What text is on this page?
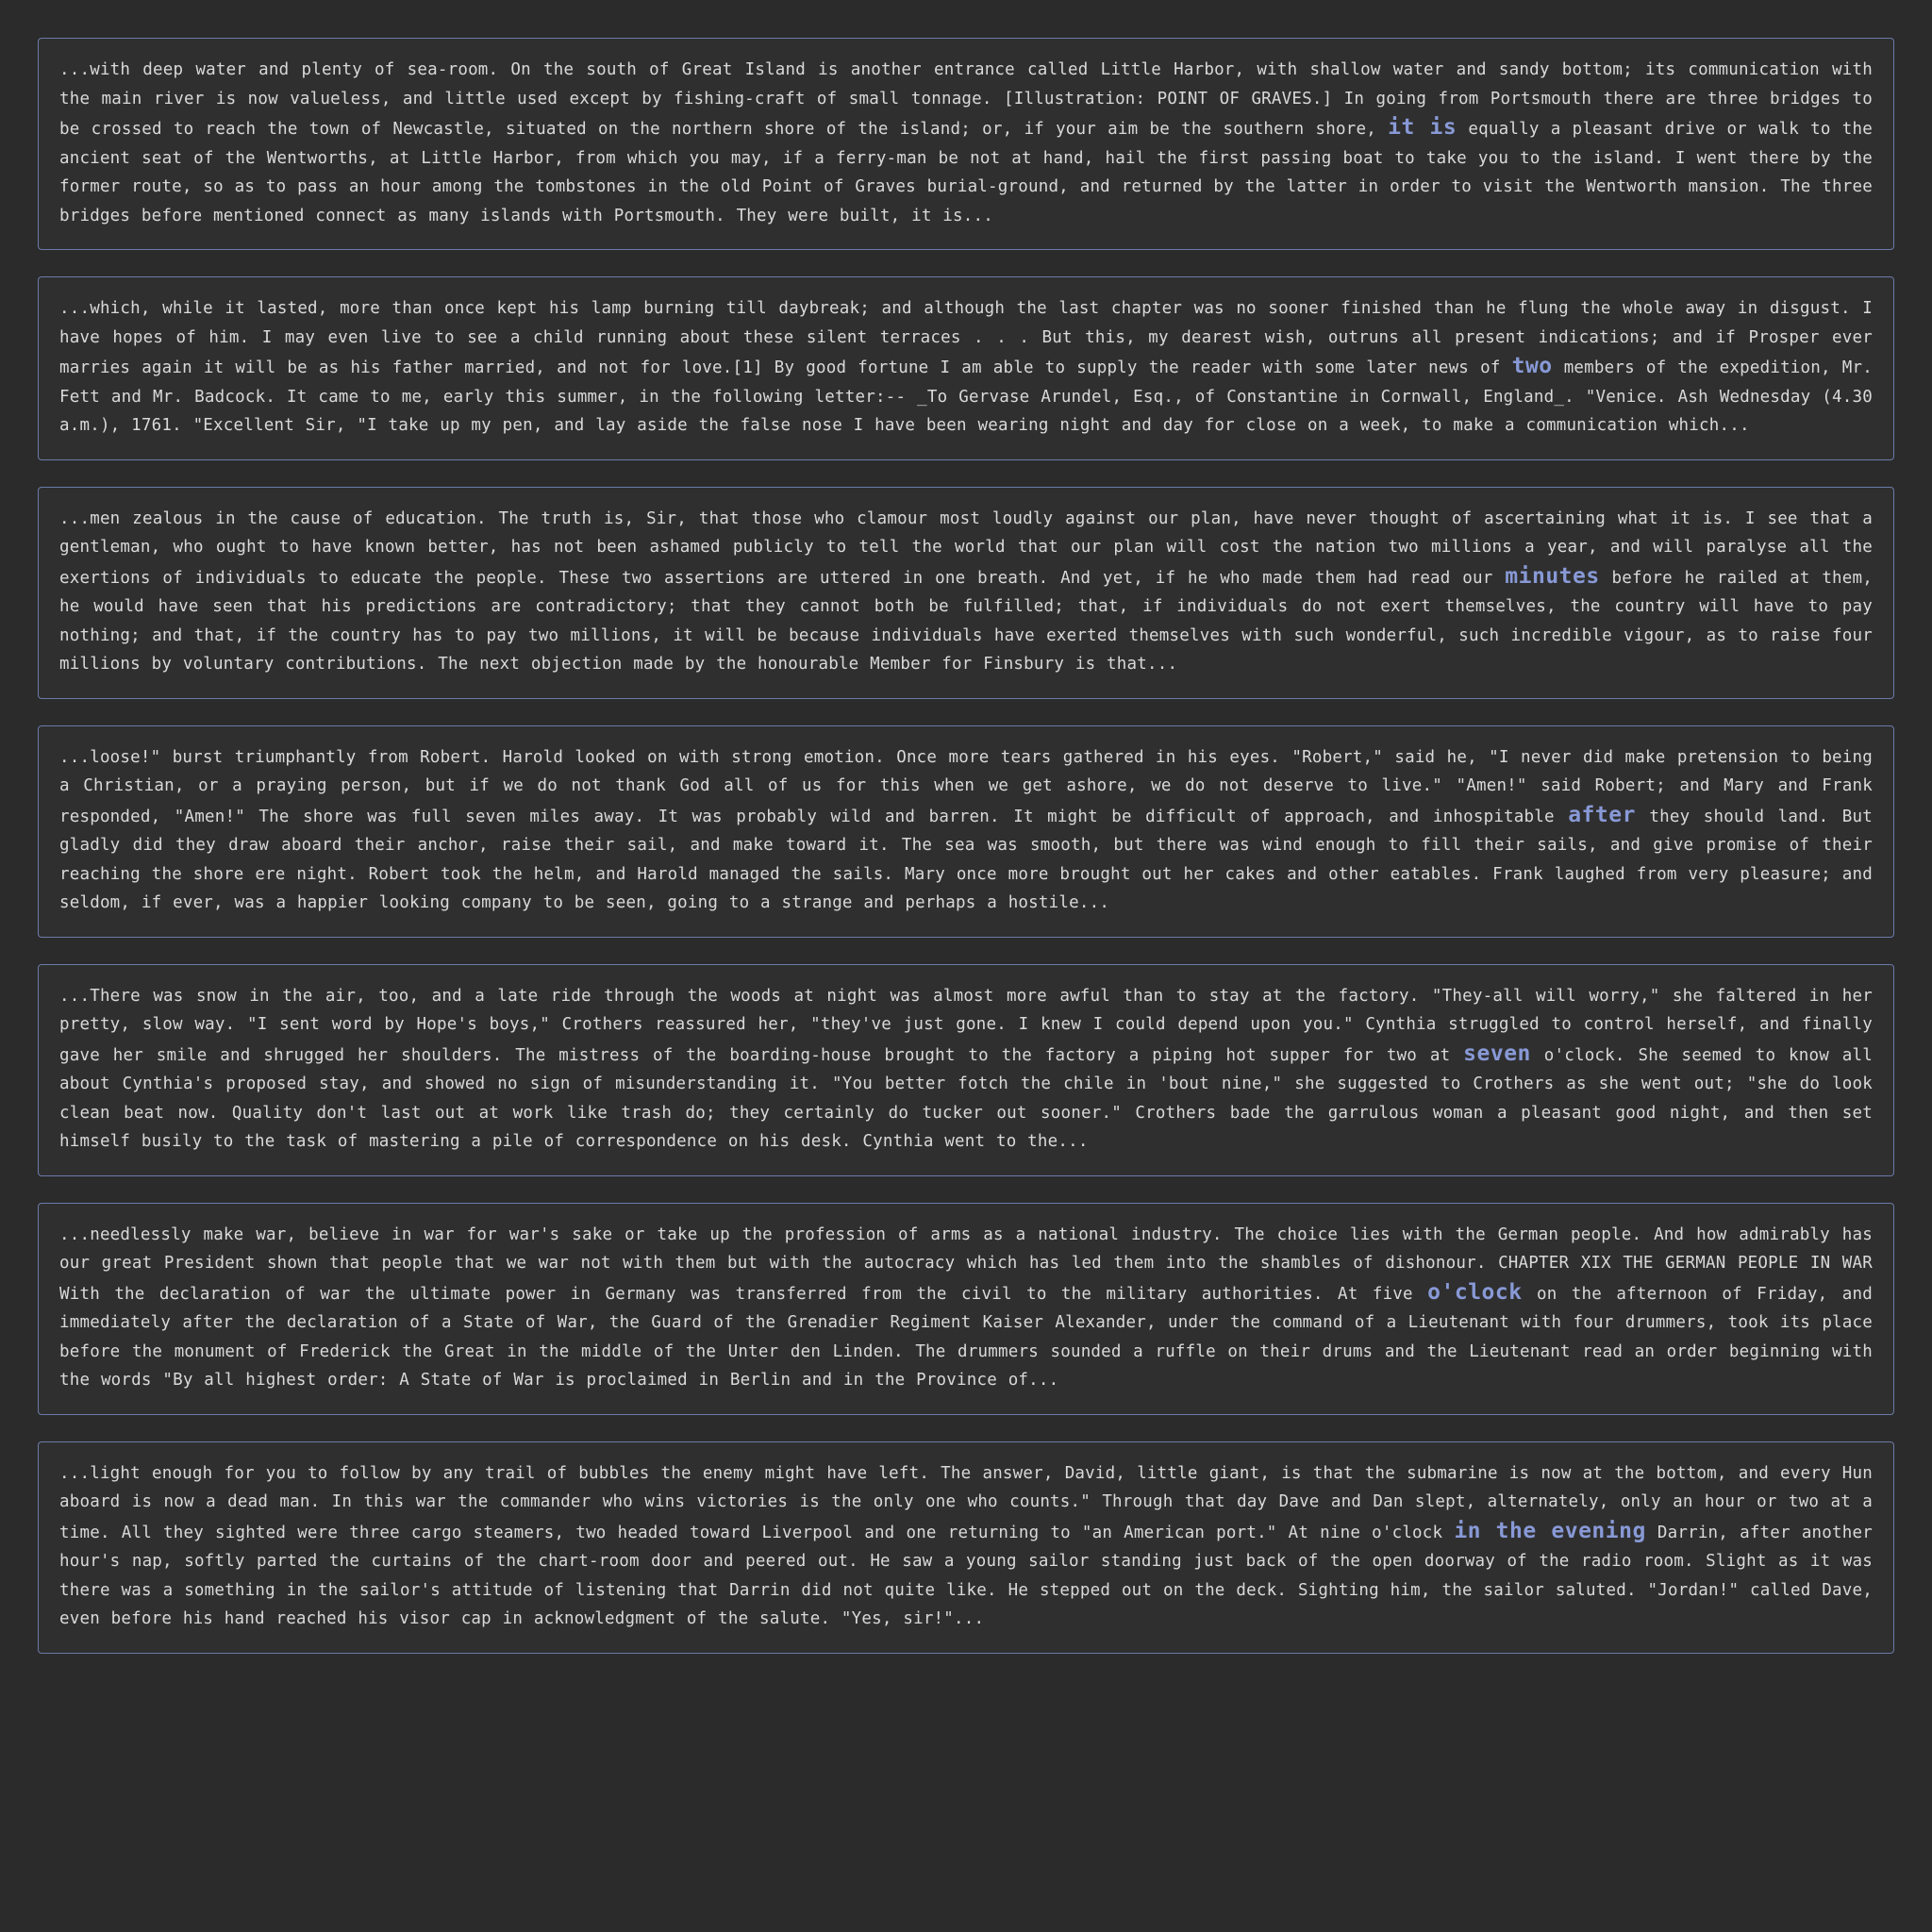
...with deep water and plenty of sea-room. On the south of Great Island is another entrance called Little Harbor, with shallow water and sandy bottom; its communication with the main river is now valueless, and little used except by fishing-craft of small tonnage. [Illustration: POINT OF GRAVES.] In going from Portsmouth there are three bridges to be crossed to reach the town of Newcastle, situated on the northern shore of the island; or, if your aim be the southern shore, it is equally a pleasant drive or walk to the ancient seat of the Wentworths, at Little Harbor, from which you may, if a ferry-man be not at hand, hail the first passing boat to take you to the island. I went there by the former route, so as to pass an hour among the tombstones in the old Point of Graves burial-ground, and returned by the latter in order to visit the Wentworth mansion. The three bridges before mentioned connect as many islands with Portsmouth. They were built, it is...
...which, while it lasted, more than once kept his lamp burning till daybreak; and although the last chapter was no sooner finished than he flung the whole away in disgust. I have hopes of him. I may even live to see a child running about these silent terraces . . . But this, my dearest wish, outruns all present indications; and if Prosper ever marries again it will be as his father married, and not for love.[1] By good fortune I am able to supply the reader with some later news of two members of the expedition, Mr. Fett and Mr. Badcock. It came to me, early this summer, in the following letter:-- _To Gervase Arundel, Esq., of Constantine in Cornwall, England_. "Venice. Ash Wednesday (4.30 a.m.), 1761. "Excellent Sir, "I take up my pen, and lay aside the false nose I have been wearing night and day for close on a week, to make a communication which...
...men zealous in the cause of education. The truth is, Sir, that those who clamour most loudly against our plan, have never thought of ascertaining what it is. I see that a gentleman, who ought to have known better, has not been ashamed publicly to tell the world that our plan will cost the nation two millions a year, and will paralyse all the exertions of individuals to educate the people. These two assertions are uttered in one breath. And yet, if he who made them had read our minutes before he railed at them, he would have seen that his predictions are contradictory; that they cannot both be fulfilled; that, if individuals do not exert themselves, the country will have to pay nothing; and that, if the country has to pay two millions, it will be because individuals have exerted themselves with such wonderful, such incredible vigour, as to raise four millions by voluntary contributions. The next objection made by the honourable Member for Finsbury is that...
...loose!" burst triumphantly from Robert. Harold looked on with strong emotion. Once more tears gathered in his eyes. "Robert," said he, "I never did make pretension to being a Christian, or a praying person, but if we do not thank God all of us for this when we get ashore, we do not deserve to live." "Amen!" said Robert; and Mary and Frank responded, "Amen!" The shore was full seven miles away. It was probably wild and barren. It might be difficult of approach, and inhospitable after they should land. But gladly did they draw aboard their anchor, raise their sail, and make toward it. The sea was smooth, but there was wind enough to fill their sails, and give promise of their reaching the shore ere night. Robert took the helm, and Harold managed the sails. Mary once more brought out her cakes and other eatables. Frank laughed from very pleasure; and seldom, if ever, was a happier looking company to be seen, going to a strange and perhaps a hostile...
...There was snow in the air, too, and a late ride through the woods at night was almost more awful than to stay at the factory. "They-all will worry," she faltered in her pretty, slow way. "I sent word by Hope's boys," Crothers reassured her, "they've just gone. I knew I could depend upon you." Cynthia struggled to control herself, and finally gave her smile and shrugged her shoulders. The mistress of the boarding-house brought to the factory a piping hot supper for two at seven o'clock. She seemed to know all about Cynthia's proposed stay, and showed no sign of misunderstanding it. "You better fotch the chile in 'bout nine," she suggested to Crothers as she went out; "she do look clean beat now. Quality don't last out at work like trash do; they certainly do tucker out sooner." Crothers bade the garrulous woman a pleasant good night, and then set himself busily to the task of mastering a pile of correspondence on his desk. Cynthia went to the...
...needlessly make war, believe in war for war's sake or take up the profession of arms as a national industry. The choice lies with the German people. And how admirably has our great President shown that people that we war not with them but with the autocracy which has led them into the shambles of dishonour. CHAPTER XIX THE GERMAN PEOPLE IN WAR With the declaration of war the ultimate power in Germany was transferred from the civil to the military authorities. At five o'clock on the afternoon of Friday, and immediately after the declaration of a State of War, the Guard of the Grenadier Regiment Kaiser Alexander, under the command of a Lieutenant with four drummers, took its place before the monument of Frederick the Great in the middle of the Unter den Linden. The drummers sounded a ruffle on their drums and the Lieutenant read an order beginning with the words "By all highest order: A State of War is proclaimed in Berlin and in the Province of...
...light enough for you to follow by any trail of bubbles the enemy might have left. The answer, David, little giant, is that the submarine is now at the bottom, and every Hun aboard is now a dead man. In this war the commander who wins victories is the only one who counts." Through that day Dave and Dan slept, alternately, only an hour or two at a time. All they sighted were three cargo steamers, two headed toward Liverpool and one returning to "an American port." At nine o'clock in the evening Darrin, after another hour's nap, softly parted the curtains of the chart-room door and peered out. He saw a young sailor standing just back of the open doorway of the radio room. Slight as it was there was a something in the sailor's attitude of listening that Darrin did not quite like. He stepped out on the deck. Sighting him, the sailor saluted. "Jordan!" called Dave, even before his hand reached his visor cap in acknowledgment of the salute. "Yes, sir!"...
